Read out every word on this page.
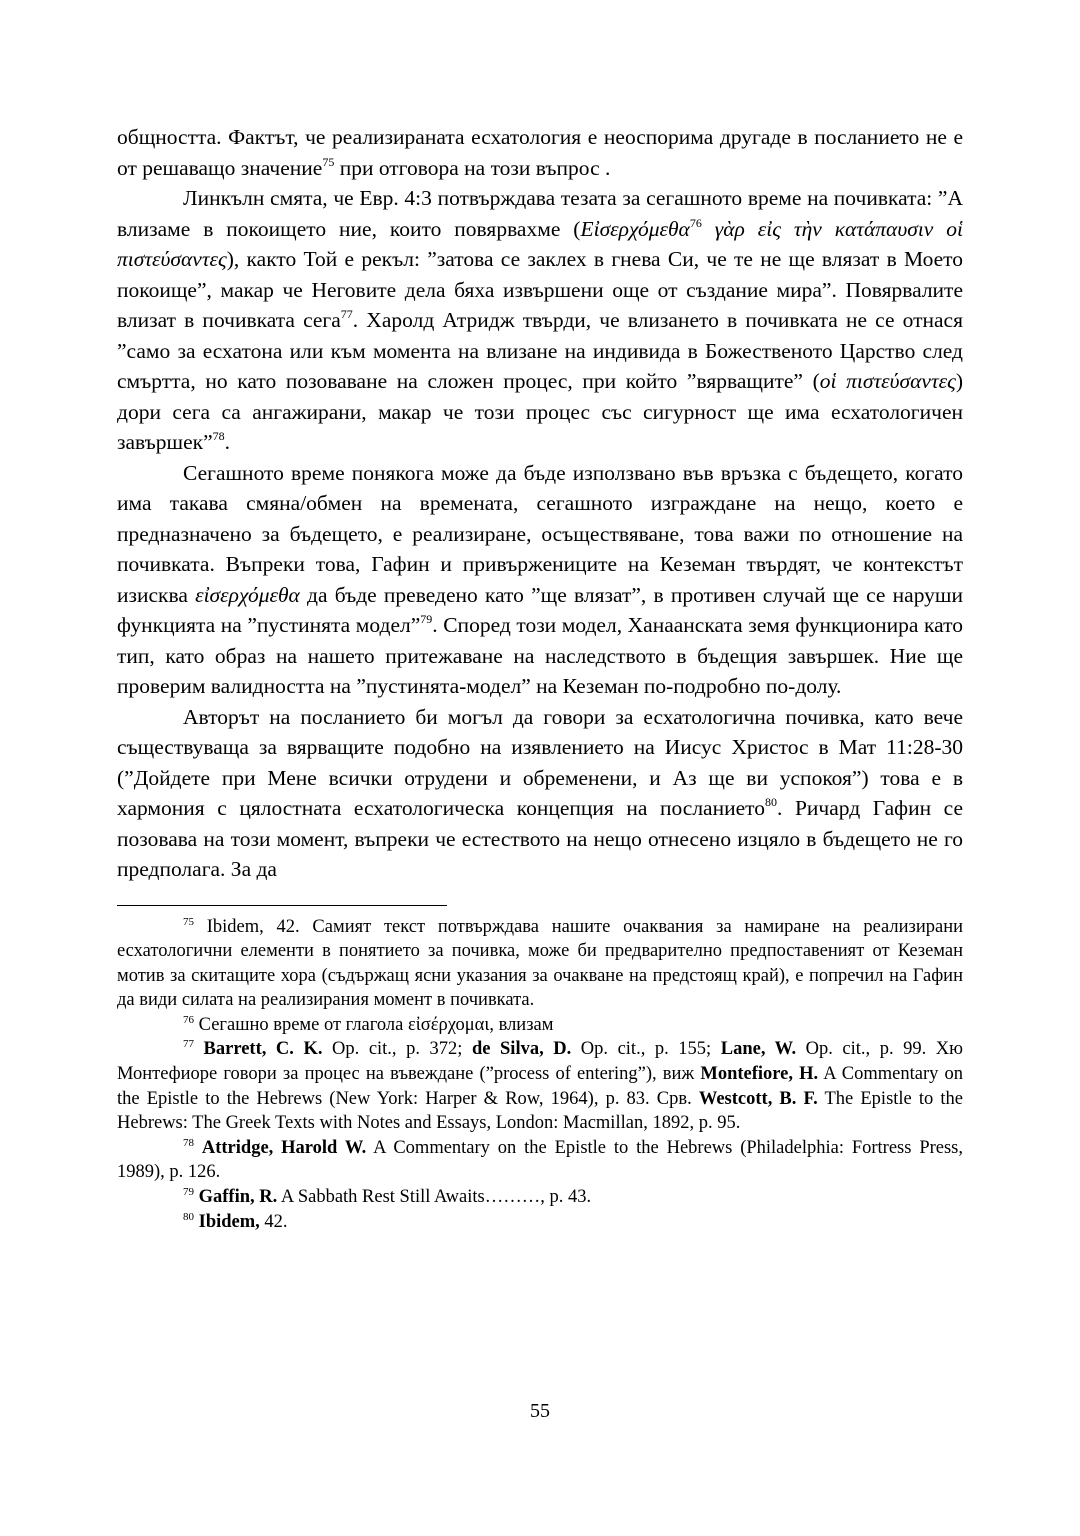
общността. Фактът, че реализираната есхатология е неоспорима другаде в посланието не е от решаващо значение$^{75}$ при отговора на този въпрос .

Линкълн смята, че Евр. 4:3 потвърждава тезата за сегашното време на почивката: ”А влизаме в покоището ние, които повярвахме (Εἰσερχόμεθα$^{76}$ γὰρ εἰς τὴν κατάπαυσιν οἱ πιστεύσαντες), както Той е рекъл: ”затова се заклех в гнева Си, че те не ще влязат в Моето покоище”, макар че Неговите дела бяха извършени още от създание мира”. Повярвалите влизат в почивката сега$^{77}$. Харолд Атридж твърди, че влизането в почивката не се отнася ”само за есхатона или към момента на влизане на индивида в Божественото Царство след смъртта, но като позоваване на сложен процес, при който ”вярващите” (οἱ πιστεύσαντες) дори сега са ангажирани, макар че този процес със сигурност ще има есхатологичен завършек”$^{78}$.

Сегашното време понякога може да бъде използвано във връзка с бъдещето, когато има такава смяна/обмен на времената, сегашното изграждане на нещо, което е предназначено за бъдещето, е реализиране, осъществяване, това важи по отношение на почивката. Въпреки това, Гафин и привържениците на Кеземан твърдят, че контекстът изисква εἰσερχόμεθα да бъде преведено като ”ще влязат”, в противен случай ще се наруши функцията на ”пустинята модел”$^{79}$. Според този модел, Ханаанската земя функционира като тип, като образ на нашето притежаване на наследството в бъдещия завършек. Ние ще проверим валидността на ”пустинята-модел” на Кеземан по-подробно по-долу.

Авторът на посланието би могъл да говори за есхатологична почивка, като вече съществуваща за вярващите подобно на изявлението на Иисус Христос в Мат 11:28-30 (”Дойдете при Мене всички отрудени и обременени, и Аз ще ви успокоя”) това е в хармония с цялостната есхатологическа концепция на посланието$^{80}$. Ричард Гафин се позовава на този момент, въпреки че естеството на нещо отнесено изцяло в бъдещето не го предполага. За да

$^{75}$ Ibidem, 42. Самият текст потвърждава нашите очаквания за намиране на реализирани есхатологични елементи в понятието за почивка, може би предварително предпоставеният от Кеземан мотив за скитащите хора (съдържащ ясни указания за очакване на предстоящ край), е попречил на Гафин да види силата на реализирания момент в почивката.

$^{76}$ Сегашно време от глагола εἰσέρχομαι, влизам

$^{77}$ Barrett, C. K. Op. cit., p. 372; de Silva, D. Op. cit., p. 155; Lane, W. Op. cit., p. 99. Хю Монтефиоре говори за процес на въвеждане (”process of entering”), виж Montefiore, H. A Commentary on the Epistle to the Hebrews (New York: Harper & Row, 1964), p. 83. Срв. Westcott, B. F. The Epistle to the Hebrews: The Greek Texts with Notes and Essays, London: Macmillan, 1892, p. 95.

$^{78}$ Attridge, Harold W. A Commentary on the Epistle to the Hebrews (Philadelphia: Fortress Press, 1989), p. 126.

$^{79}$ Gaffin, R. A Sabbath Rest Still Awaits………, p. 43.

$^{80}$ Ibidem, 42.

55
